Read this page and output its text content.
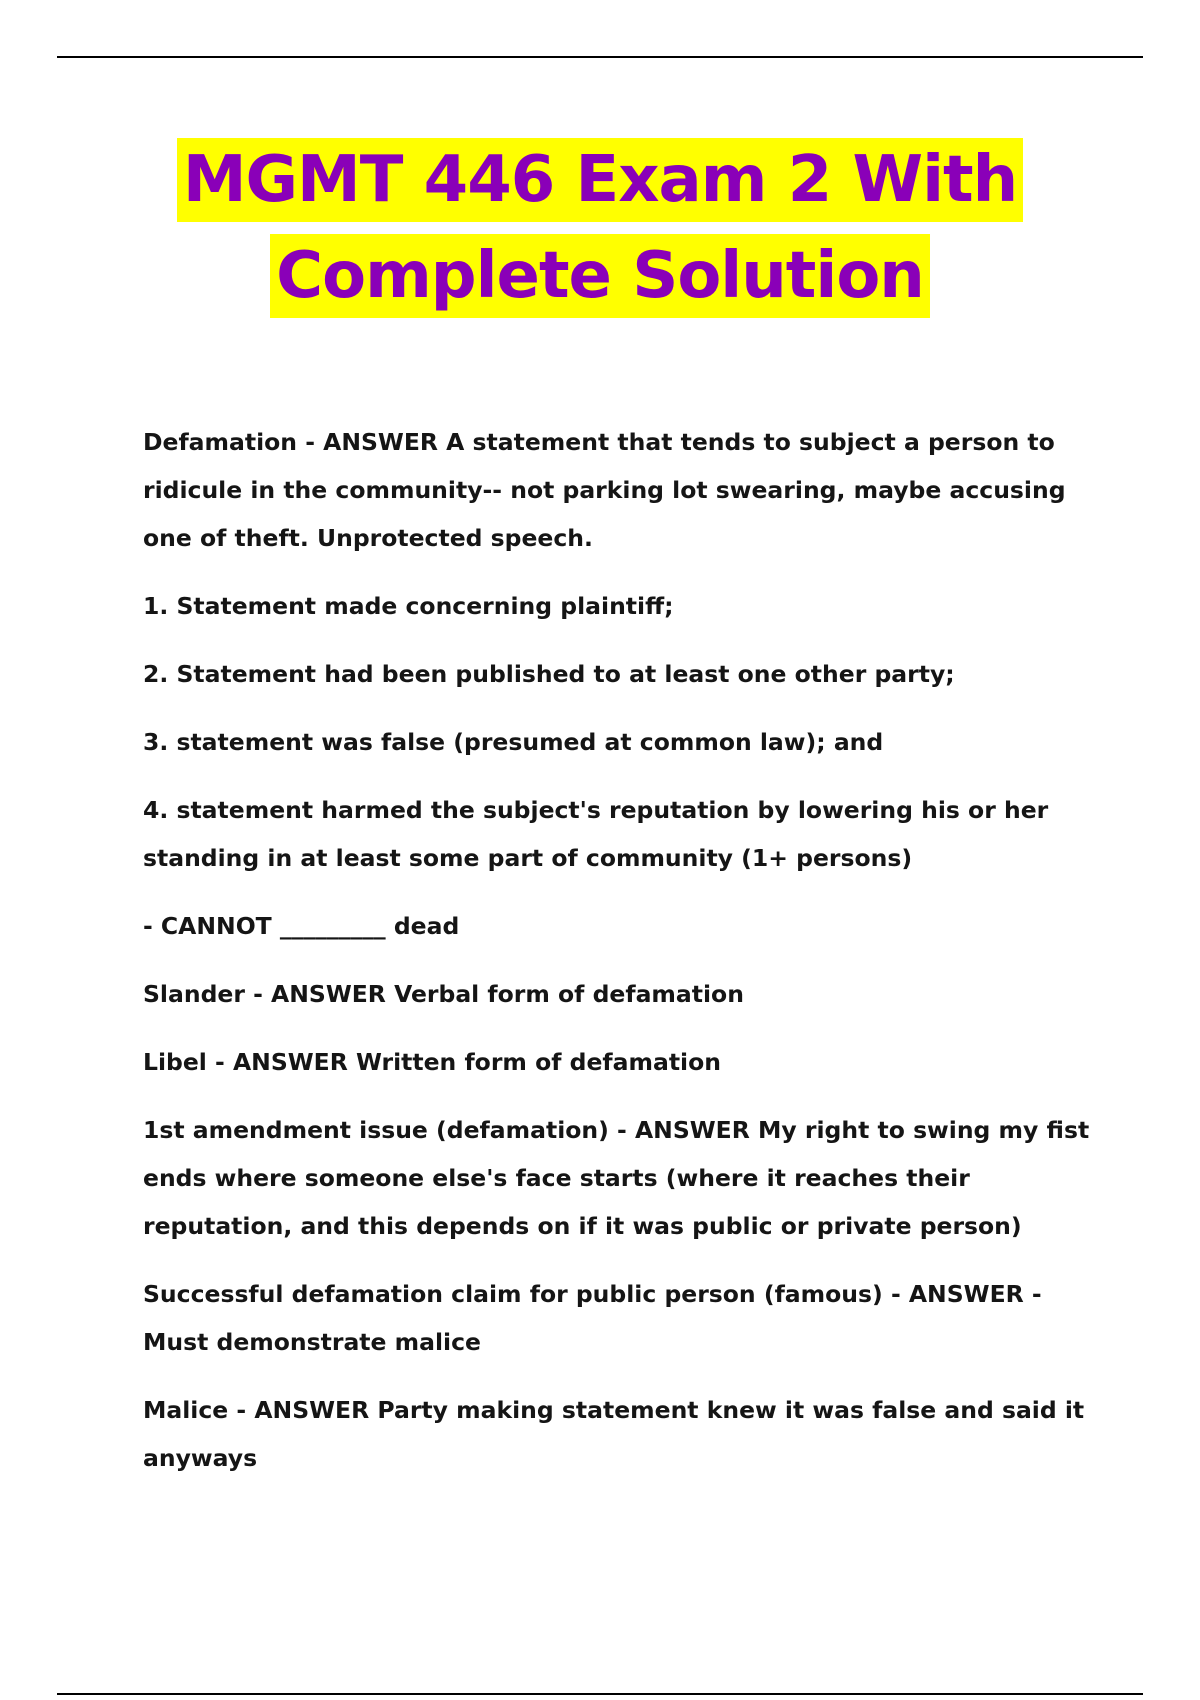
MGMT 446 Exam 2 With
Complete Solution

Defamation - ANSWER A statement that tends to subject a person to ridicule in the community-- not parking lot swearing, maybe accusing one of theft. Unprotected speech.

1. Statement made concerning plaintiff;

2. Statement had been published to at least one other party;

3. statement was false (presumed at common law); and

4. statement harmed the subject's reputation by lowering his or her standing in at least some part of community (1+ persons)

- CANNOT _________ dead

Slander - ANSWER Verbal form of defamation

Libel - ANSWER Written form of defamation

1st amendment issue (defamation) - ANSWER My right to swing my fist ends where someone else's face starts (where it reaches their reputation, and this depends on if it was public or private person)

Successful defamation claim for public person (famous) - ANSWER - Must demonstrate malice

Malice - ANSWER Party making statement knew it was false and said it anyways
